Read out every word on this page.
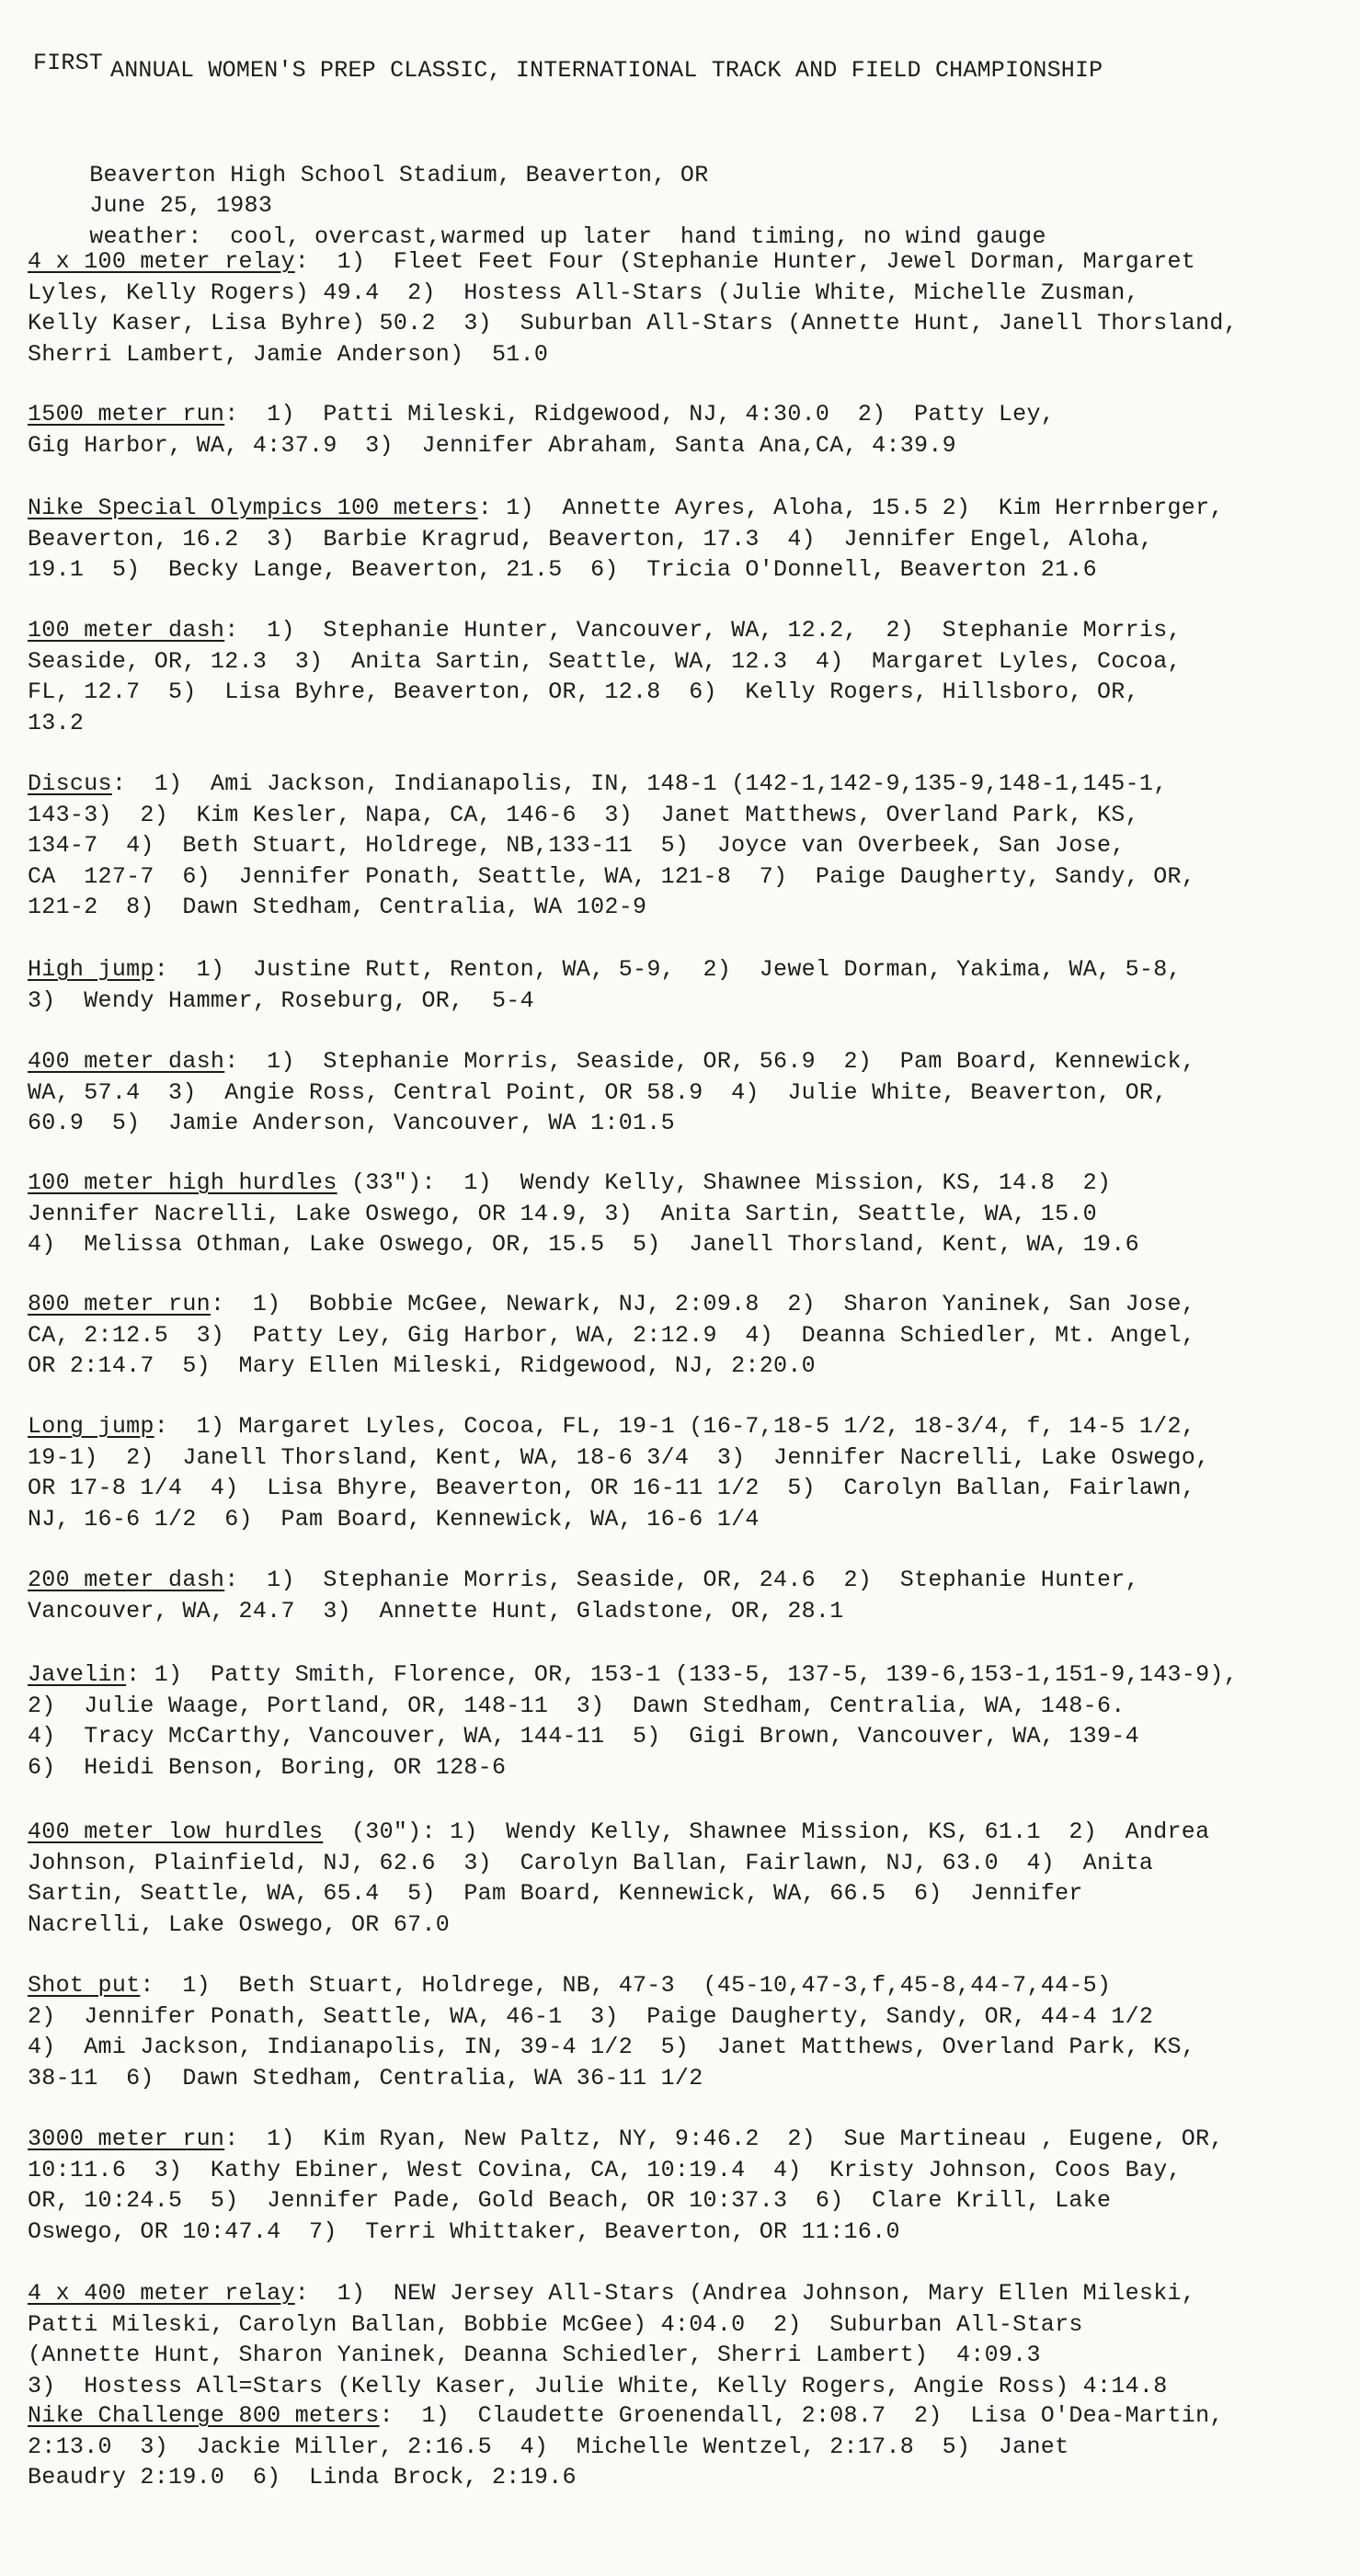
FIRST ANNUAL WOMEN'S PREP CLASSIC, INTERNATIONAL TRACK AND FIELD CHAMPIONSHIP

Beaverton High School Stadium, Beaverton, OR
June 25, 1983
weather:  cool, overcast,warmed up later  hand timing, no wind gauge

4 x 100 meter relay:  1)  Fleet Feet Four (Stephanie Hunter, Jewel Dorman, Margaret
Lyles, Kelly Rogers) 49.4  2)  Hostess All-Stars (Julie White, Michelle Zusman,
Kelly Kaser, Lisa Byhre) 50.2  3)  Suburban All-Stars (Annette Hunt, Janell Thorsland,
Sherri Lambert, Jamie Anderson)  51.0
1500 meter run:  1)  Patti Mileski, Ridgewood, NJ, 4:30.0  2)  Patty Ley,
Gig Harbor, WA, 4:37.9  3)  Jennifer Abraham, Santa Ana,CA, 4:39.9
Nike Special Olympics 100 meters: 1)  Annette Ayres, Aloha, 15.5 2)  Kim Herrnberger,
Beaverton, 16.2  3)  Barbie Kragrud, Beaverton, 17.3  4)  Jennifer Engel, Aloha,
19.1  5)  Becky Lange, Beaverton, 21.5  6)  Tricia O'Donnell, Beaverton 21.6
100 meter dash:  1)  Stephanie Hunter, Vancouver, WA, 12.2,  2)  Stephanie Morris,
Seaside, OR, 12.3  3)  Anita Sartin, Seattle, WA, 12.3  4)  Margaret Lyles, Cocoa,
FL, 12.7  5)  Lisa Byhre, Beaverton, OR, 12.8  6)  Kelly Rogers, Hillsboro, OR,
13.2
Discus:  1)  Ami Jackson, Indianapolis, IN, 148-1 (142-1,142-9,135-9,148-1,145-1,
143-3)  2)  Kim Kesler, Napa, CA, 146-6  3)  Janet Matthews, Overland Park, KS,
134-7  4)  Beth Stuart, Holdrege, NB,133-11  5)  Joyce van Overbeek, San Jose,
CA  127-7  6)  Jennifer Ponath, Seattle, WA, 121-8  7)  Paige Daugherty, Sandy, OR,
121-2  8)  Dawn Stedham, Centralia, WA 102-9
High jump:  1)  Justine Rutt, Renton, WA, 5-9,  2)  Jewel Dorman, Yakima, WA, 5-8,
3)  Wendy Hammer, Roseburg, OR,  5-4
400 meter dash:  1)  Stephanie Morris, Seaside, OR, 56.9  2)  Pam Board, Kennewick,
WA, 57.4  3)  Angie Ross, Central Point, OR 58.9  4)  Julie White, Beaverton, OR,
60.9  5)  Jamie Anderson, Vancouver, WA 1:01.5
100 meter high hurdles (33"):  1)  Wendy Kelly, Shawnee Mission, KS, 14.8  2)
Jennifer Nacrelli, Lake Oswego, OR 14.9, 3)  Anita Sartin, Seattle, WA, 15.0
4)  Melissa Othman, Lake Oswego, OR, 15.5  5)  Janell Thorsland, Kent, WA, 19.6
800 meter run:  1)  Bobbie McGee, Newark, NJ, 2:09.8  2)  Sharon Yaninek, San Jose,
CA, 2:12.5  3)  Patty Ley, Gig Harbor, WA, 2:12.9  4)  Deanna Schiedler, Mt. Angel,
OR 2:14.7  5)  Mary Ellen Mileski, Ridgewood, NJ, 2:20.0
Long jump:  1) Margaret Lyles, Cocoa, FL, 19-1 (16-7,18-5 1/2, 18-3/4, f, 14-5 1/2,
19-1)  2)  Janell Thorsland, Kent, WA, 18-6 3/4  3)  Jennifer Nacrelli, Lake Oswego,
OR 17-8 1/4  4)  Lisa Bhyre, Beaverton, OR 16-11 1/2  5)  Carolyn Ballan, Fairlawn,
NJ, 16-6 1/2  6)  Pam Board, Kennewick, WA, 16-6 1/4
200 meter dash:  1)  Stephanie Morris, Seaside, OR, 24.6  2)  Stephanie Hunter,
Vancouver, WA, 24.7  3)  Annette Hunt, Gladstone, OR, 28.1
Javelin: 1)  Patty Smith, Florence, OR, 153-1 (133-5, 137-5, 139-6,153-1,151-9,143-9),
2)  Julie Waage, Portland, OR, 148-11  3)  Dawn Stedham, Centralia, WA, 148-6.
4)  Tracy McCarthy, Vancouver, WA, 144-11  5)  Gigi Brown, Vancouver, WA, 139-4
6)  Heidi Benson, Boring, OR 128-6
400 meter low hurdles  (30"): 1)  Wendy Kelly, Shawnee Mission, KS, 61.1  2)  Andrea
Johnson, Plainfield, NJ, 62.6  3)  Carolyn Ballan, Fairlawn, NJ, 63.0  4)  Anita
Sartin, Seattle, WA, 65.4  5)  Pam Board, Kennewick, WA, 66.5  6)  Jennifer
Nacrelli, Lake Oswego, OR 67.0
Shot put:  1)  Beth Stuart, Holdrege, NB, 47-3  (45-10,47-3,f,45-8,44-7,44-5)
2)  Jennifer Ponath, Seattle, WA, 46-1  3)  Paige Daugherty, Sandy, OR, 44-4 1/2
4)  Ami Jackson, Indianapolis, IN, 39-4 1/2  5)  Janet Matthews, Overland Park, KS,
38-11  6)  Dawn Stedham, Centralia, WA 36-11 1/2
3000 meter run:  1)  Kim Ryan, New Paltz, NY, 9:46.2  2)  Sue Martineau , Eugene, OR,
10:11.6  3)  Kathy Ebiner, West Covina, CA, 10:19.4  4)  Kristy Johnson, Coos Bay,
OR, 10:24.5  5)  Jennifer Pade, Gold Beach, OR 10:37.3  6)  Clare Krill, Lake
Oswego, OR 10:47.4  7)  Terri Whittaker, Beaverton, OR 11:16.0
4 x 400 meter relay:  1)  NEW Jersey All-Stars (Andrea Johnson, Mary Ellen Mileski,
Patti Mileski, Carolyn Ballan, Bobbie McGee) 4:04.0  2)  Suburban All-Stars
(Annette Hunt, Sharon Yaninek, Deanna Schiedler, Sherri Lambert)  4:09.3
3)  Hostess All=Stars (Kelly Kaser, Julie White, Kelly Rogers, Angie Ross) 4:14.8
Nike Challenge 800 meters:  1)  Claudette Groenendall, 2:08.7  2)  Lisa O'Dea-Martin,
2:13.0  3)  Jackie Miller, 2:16.5  4)  Michelle Wentzel, 2:17.8  5)  Janet
Beaudry 2:19.0  6)  Linda Brock, 2:19.6
